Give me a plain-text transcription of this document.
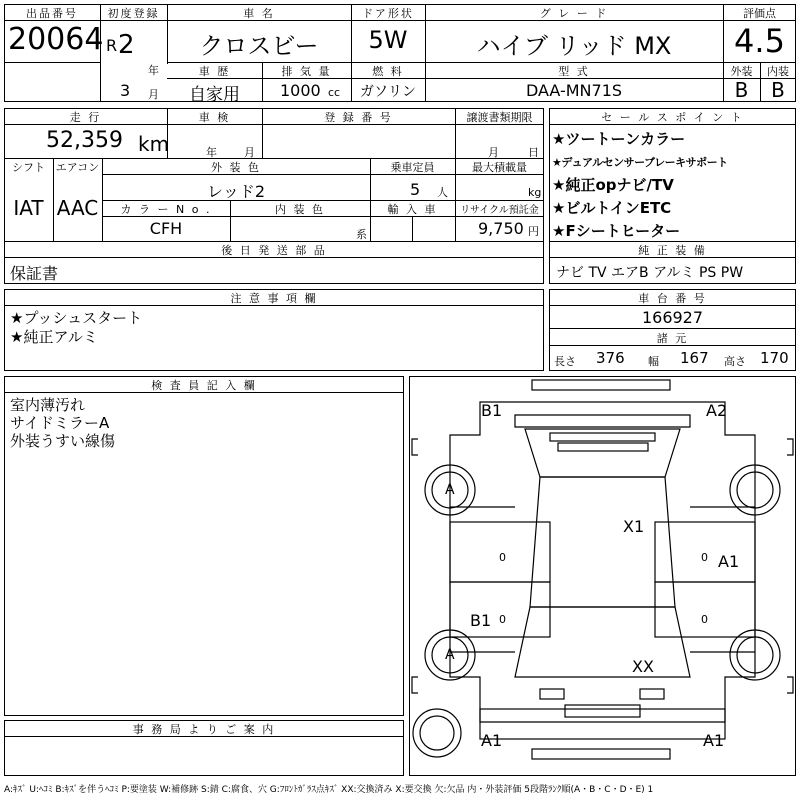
出品番号
20064
初度登録
R 2
年
3 月
車 名
クロスビー
ドア形状
5W
グ レ ー ド
ハイブ リッド MX
評価点
4.5
車 歴
自家用
排 気 量
1000 cc
燃 料
ガソリン
型 式
DAA-MN71S
外装
B
内装
B
走 行
52,359 km
車 検
年 月
登 録 番 号	譲渡書類期限
月	日
シフト
IAT
エアコン
AAC
外 装 色
レッド2
カ ラ ー N o .
CFH
内 装 色
系
乗車定員
5 人
輸 入 車
最大積載量
kg
リサイクル預託金
9,750 円
後 日 発 送 部 品
保証書
セ ー ル ス ポ イ ン ト
★ツートーンカラー
★デュアルセンサーブレーキサポート
★純正opナビ/TV
★ビルトインETC
★Fシートヒーター
純 正 装 備
ナビ TV エアB アルミ PS PW
注 意 事 項 欄
★プッシュスタート
★純正アルミ
車 台 番 号
166927
諸 元
長さ 376 幅 167 高さ 170
検 査 員 記 入 欄
室内薄汚れ
サイドミラーA
外装うすい線傷
事 務 局 よ り ご 案 内
B1	A2
A
X1
0	0 A1
B1 0	0
A
XX
A1	A1
A:ｷｽﾞ U:ﾍｺﾐ B:ｷｽﾞを伴うﾍｺﾐ P:要塗装 W:補修跡 S:錆 C:腐食、穴 G:ﾌﾛﾝﾄｶﾞﾗｽ点ｷｽﾞ XX:交換済み X:要交換 欠:欠品 内・外装評価 5段階ﾗﾝｸ順(A・B・C・D・E) 1
